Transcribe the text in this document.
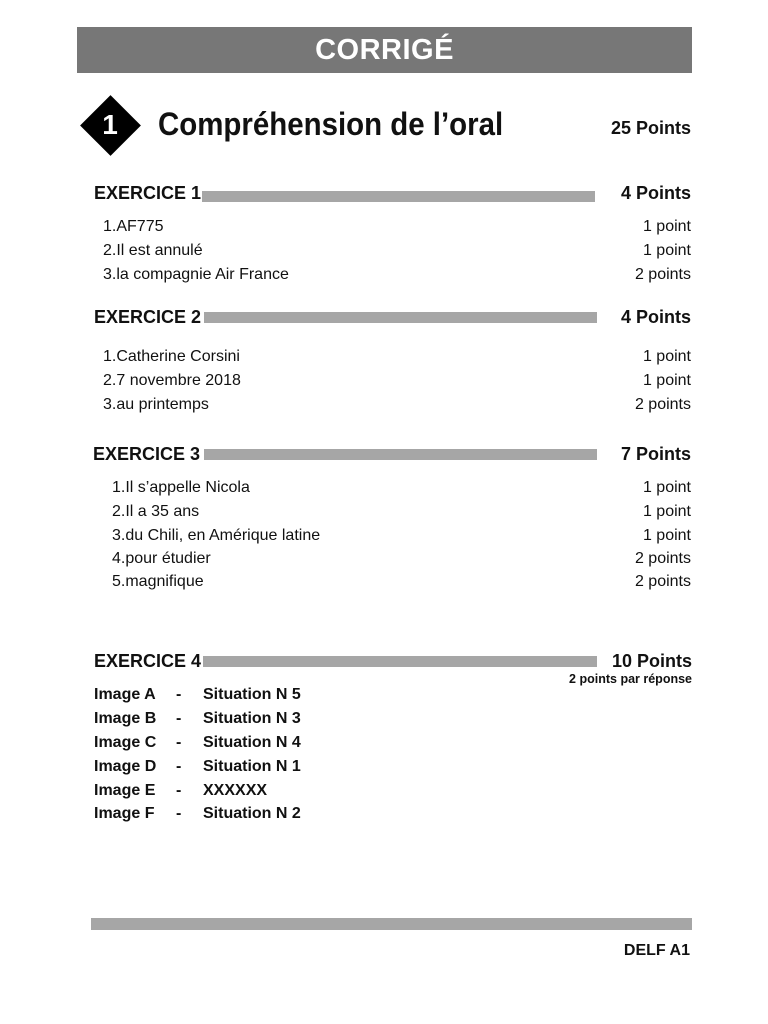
CORRIGÉ
1	Compréhension de l’oral	25 Points
EXERCICE 1	4 Points
1.AF775	1 point
2.Il est annulé	1 point
3.la compagnie Air France	2 points
EXERCICE 2	4 Points
1.Catherine Corsini	1 point
2.7 novembre 2018	1 point
3.au printemps	2 points
EXERCICE 3	7 Points
1.Il s’appelle Nicola	1 point
2.Il a 35 ans	1 point
3.du Chili, en Amérique latine	1 point
4.pour étudier	2 points
5.magnifique	2 points
EXERCICE 4	10 Points
2 points par réponse
Image A - Situation N 5
Image B - Situation N 3
Image C - Situation N 4
Image D - Situation N 1
Image E - XXXXXX
Image F - Situation N 2
DELF A1
